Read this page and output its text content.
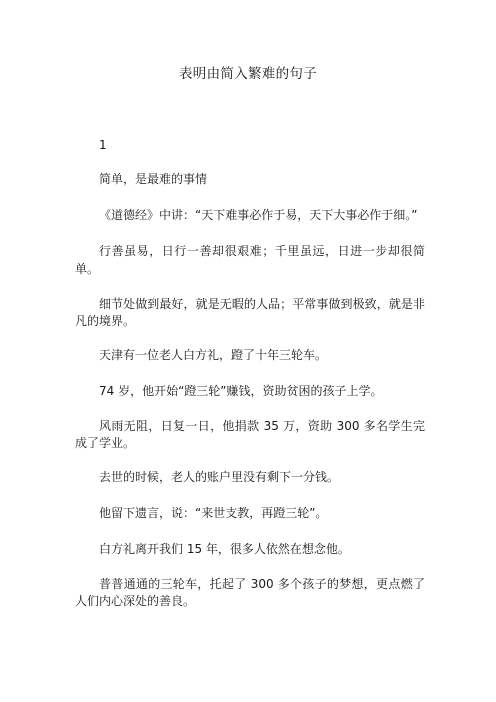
表明由简入繁难的句子

1

简单，是最难的事情

《道德经》中讲：“天下难事必作于易，天下大事必作于细。”

行善虽易，日行一善却很艰难；千里虽远，日进一步却很简单。

细节处做到最好，就是无暇的人品；平常事做到极致，就是非凡的境界。

天津有一位老人白方礼，蹬了十年三轮车。

74 岁，他开始“蹬三轮”赚钱，资助贫困的孩子上学。

风雨无阻，日复一日，他捐款 35 万，资助 300 多名学生完成了学业。

去世的时候，老人的账户里没有剩下一分钱。

他留下遗言，说：“来世支教，再蹬三轮”。

白方礼离开我们 15 年，很多人依然在想念他。

普普通通的三轮车，托起了 300 多个孩子的梦想，更点燃了人们内心深处的善良。
